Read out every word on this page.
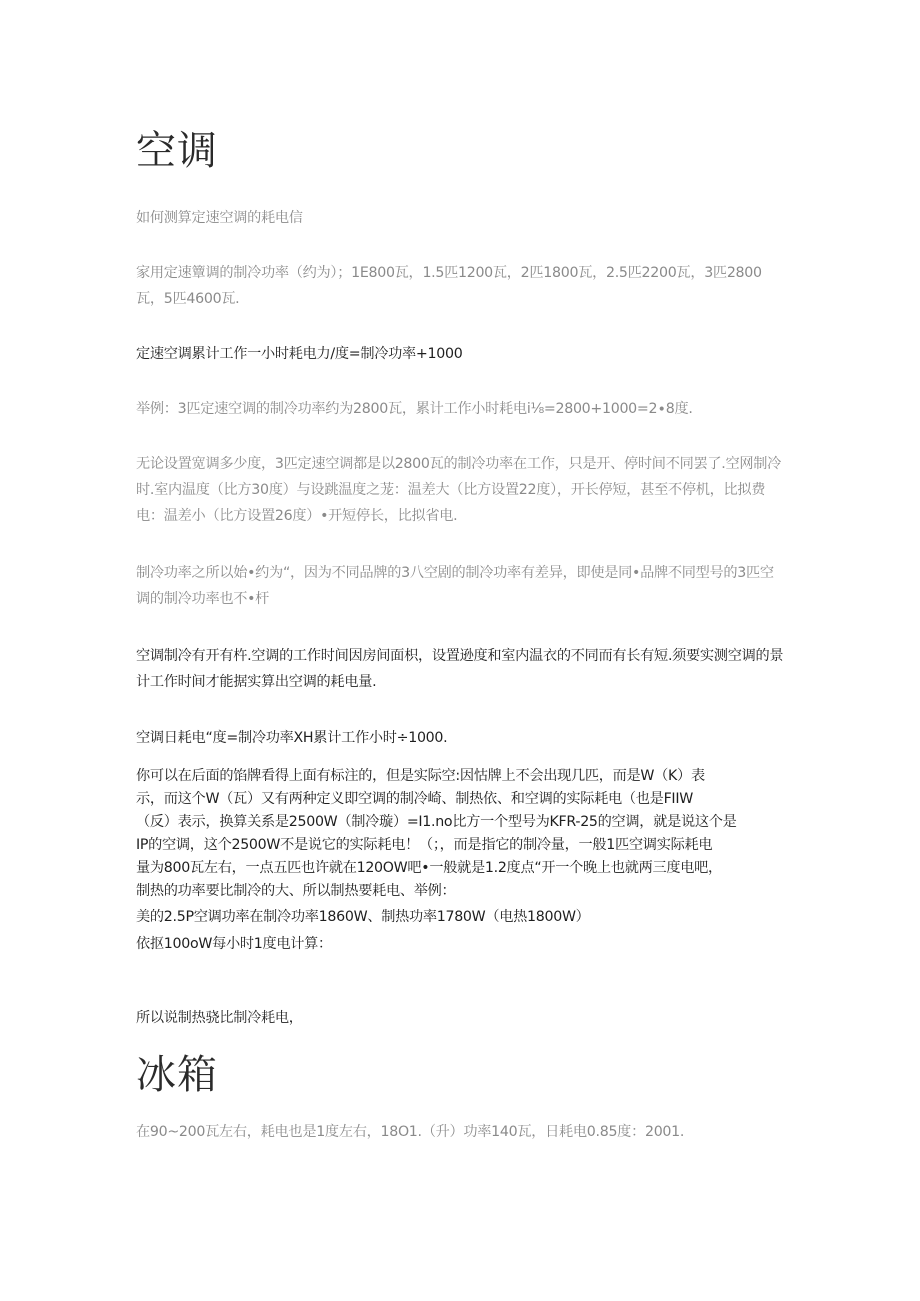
空调

如何测算定速空调的耗电信

家用定速簟调的制冷功率（约为）；1E800瓦，1.5匹1200瓦，2匹1800瓦，2.5匹2200瓦，3匹2800瓦，5匹4600瓦.

定速空调累计工作一小时耗电力/度=制冷功率+1000

举例：3匹定速空调的制冷功率约为2800瓦，累计工作小时耗电i⅛=2800+1000=2∙8度.

无论设置宽调多少度，3匹定速空调都是以2800瓦的制冷功率在工作，只是开、停时间不同罢了.空网制冷时.室内温度（比方30度）与设跳温度之茏：温差大（比方设置22度），开长停短，甚至不停机，比拟费电：温差小（比方设置26度）•开短停长，比拟省电.

制冷功率之所以始•约为“，因为不同品牌的3八空剧的制冷功率有差异，即使是同•品牌不同型号的3匹空调的制冷功率也不•杆

空调制冷有开有杵.空调的工作时间因房间面枳，设置逊度和室内温衣的不同而有长有短.须要实测空调的景计工作时间才能据实算出空调的耗电量.

空调日耗电“度=制冷功率XH累计工作小时÷1000.

你可以在后面的馅牌看得上面有标注的，但是实际空:因怙牌上不会出现几匹，而是W（K）表

示，而这个W（瓦）又有两种定义即空调的制冷崎、制热依、和空调的实际耗电（也是FIIW

（反）表示，换算关系是2500W（制冷璇）=I1.no比方一个型号为KFR-25的空调，就是说这个是

IP的空调，这个2500W不是说它的实际耗电！（；，而是指它的制冷量，一般1匹空调实际耗电

量为800瓦左右，一点五匹也许就在120OW吧•一般就是1.2度点“开一个晚上也就两三度电吧，

制热的功率要比制冷的大、所以制热要耗电、举例：

美的2.5P空调功率在制冷功率1860W、制热功率1780W（电热1800W）

依抠100oW每小时1度电计算：

所以说制热骁比制冷耗电，

冰箱

在90~200瓦左右，耗电也是1度左右，18O1.（升）功率140瓦，日耗电0.85度：2001.
